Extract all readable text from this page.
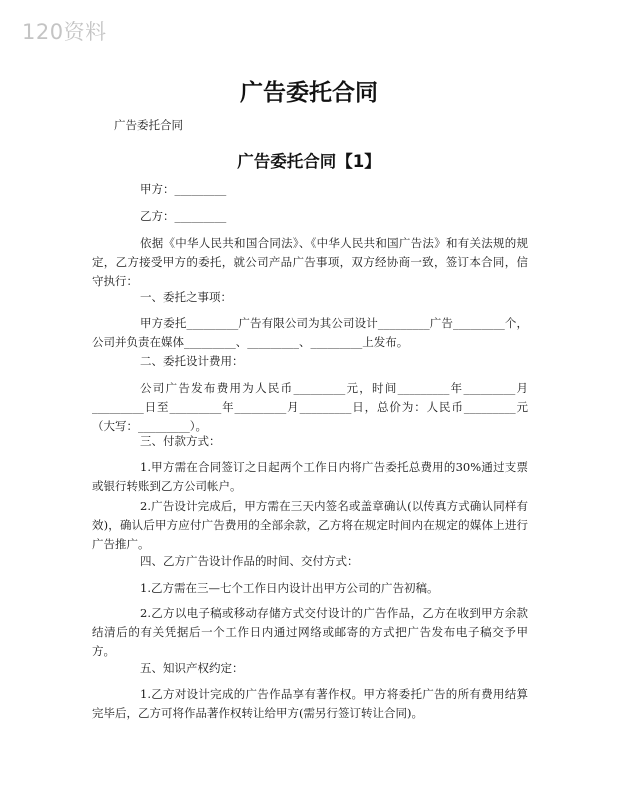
120资料
广告委托合同
广告委托合同
广告委托合同【1】
甲方：_________
乙方：_________
依据《中华人民共和国合同法》、《中华人民共和国广告法》和有关法规的规定，乙方接受甲方的委托，就公司产品广告事项，双方经协商一致，签订本合同，信守执行：
一、委托之事项：
甲方委托_________广告有限公司为其公司设计_________广告_________个，公司并负责在媒体_________、_________、_________上发布。
二、委托设计费用：
公司广告发布费用为人民币_________元，时间_________年_________月_________日至_________年_________月_________日，总价为：人民币_________元（大写：_________）。
三、付款方式：
1.甲方需在合同签订之日起两个工作日内将广告委托总费用的30%通过支票或银行转账到乙方公司帐户。
2.广告设计完成后，甲方需在三天内签名或盖章确认(以传真方式确认同样有效)，确认后甲方应付广告费用的全部余款，乙方将在规定时间内在规定的媒体上进行广告推广。
四、乙方广告设计作品的时间、交付方式：
1.乙方需在三—七个工作日内设计出甲方公司的广告初稿。
2.乙方以电子稿或移动存储方式交付设计的广告作品，乙方在收到甲方余款结清后的有关凭据后一个工作日内通过网络或邮寄的方式把广告发布电子稿交予甲方。
五、知识产权约定：
1.乙方对设计完成的广告作品享有著作权。甲方将委托广告的所有费用结算完毕后，乙方可将作品著作权转让给甲方(需另行签订转让合同)。
